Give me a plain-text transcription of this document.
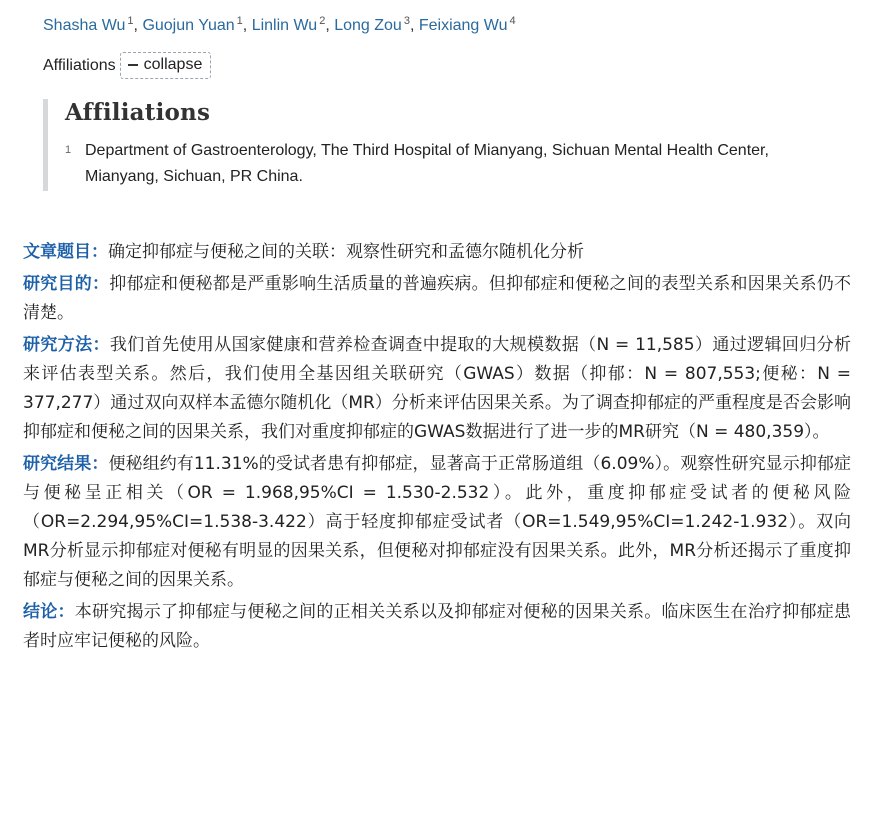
Shasha Wu $^1$, Guojun Yuan $^1$, Linlin Wu $^2$, Long Zou $^3$, Feixiang Wu $^4$
Affiliations collapse
Affiliations
1 Department of Gastroenterology, The Third Hospital of Mianyang, Sichuan Mental Health Center, Mianyang, Sichuan, PR China.

文章题目：确定抑郁症与便秘之间的关联：观察性研究和孟德尔随机化分析

研究目的：抑郁症和便秘都是严重影响生活质量的普遍疾病。但抑郁症和便秘之间的表型关系和因果关系仍不清楚。

研究方法：我们首先使用从国家健康和营养检查调查中提取的大规模数据（N = 11,585）通过逻辑回归分析来评估表型关系。然后，我们使用全基因组关联研究（GWAS）数据（抑郁：N = 807,553;便秘：N = 377,277）通过双向双样本孟德尔随机化（MR）分析来评估因果关系。为了调查抑郁症的严重程度是否会影响抑郁症和便秘之间的因果关系，我们对重度抑郁症的GWAS数据进行了进一步的MR研究（N = 480,359）。

研究结果：便秘组约有11.31%的受试者患有抑郁症，显著高于正常肠道组（6.09%）。观察性研究显示抑郁症与便秘呈正相关（OR = 1.968,95%CI = 1.530-2.532）。此外，重度抑郁症受试者的便秘风险（OR=2.294,95%CI=1.538-3.422）高于轻度抑郁症受试者（OR=1.549,95%CI=1.242-1.932）。双向MR分析显示抑郁症对便秘有明显的因果关系，但便秘对抑郁症没有因果关系。此外，MR分析还揭示了重度抑郁症与便秘之间的因果关系。

结论：本研究揭示了抑郁症与便秘之间的正相关关系以及抑郁症对便秘的因果关系。临床医生在治疗抑郁症患者时应牢记便秘的风险。
